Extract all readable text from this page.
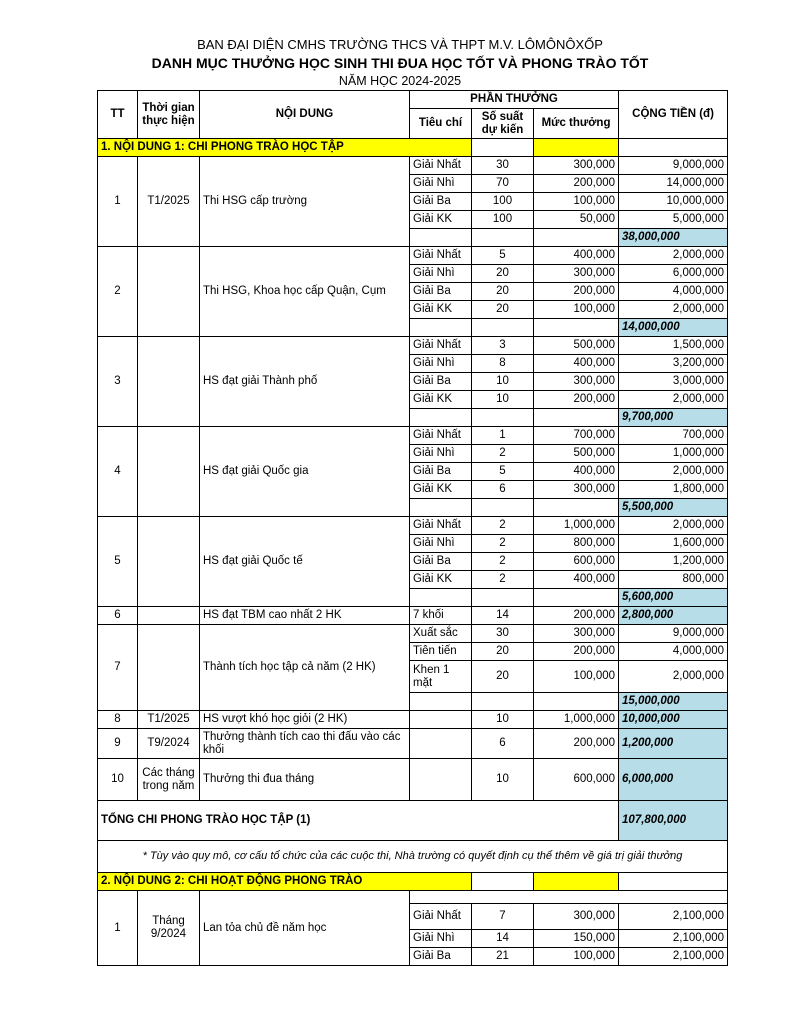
BAN ĐẠI DIỆN CMHS TRƯỜNG THCS VÀ THPT M.V. LÔMÔNÔXỐP
DANH MỤC THƯỞNG HỌC SINH THI ĐUA HỌC TỐT VÀ PHONG TRÀO TỐT
NĂM HỌC 2024-2025
TT	Thời gian thực hiện	NỘI DUNG	PHẦN THƯỞNG			CỘNG TIỀN (đ)
			Tiêu chí	Số suất dự kiến	Mức thưởng	
1. NỘI DUNG 1: CHI PHONG TRÀO HỌC TẬP						
1	T1/2025	Thi HSG cấp trường	Giải Nhất	30	300,000	9,000,000
			Giải Nhì	70	200,000	14,000,000
			Giải Ba	100	100,000	10,000,000
			Giải KK	100	50,000	5,000,000
						38,000,000
2		Thi HSG, Khoa học cấp Quận, Cụm	Giải Nhất	5	400,000	2,000,000
			Giải Nhì	20	300,000	6,000,000
			Giải Ba	20	200,000	4,000,000
			Giải KK	20	100,000	2,000,000
						14,000,000
3		HS đạt giải Thành phố	Giải Nhất	3	500,000	1,500,000
			Giải Nhì	8	400,000	3,200,000
			Giải Ba	10	300,000	3,000,000
			Giải KK	10	200,000	2,000,000
						9,700,000
4		HS đạt giải Quốc gia	Giải Nhất	1	700,000	700,000
			Giải Nhì	2	500,000	1,000,000
			Giải Ba	5	400,000	2,000,000
			Giải KK	6	300,000	1,800,000
						5,500,000
5		HS đạt giải Quốc tế	Giải Nhất	2	1,000,000	2,000,000
			Giải Nhì	2	800,000	1,600,000
			Giải Ba	2	600,000	1,200,000
			Giải KK	2	400,000	800,000
						5,600,000
6		HS đạt TBM cao nhất 2 HK	7 khối	14	200,000	2,800,000
7		Thành tích học tập cả năm (2 HK)	Xuất sắc	30	300,000	9,000,000
			Tiên tiến	20	200,000	4,000,000
			Khen 1 mặt	20	100,000	2,000,000
						15,000,000
8	T1/2025	HS vượt khó học giỏi (2 HK)		10	1,000,000	10,000,000
9	T9/2024	Thưởng thành tích cao thi đấu vào các khối		6	200,000	1,200,000
10	Các tháng trong năm	Thưởng thi đua tháng		10	600,000	6,000,000
TỔNG CHI PHONG TRÀO HỌC TẬP (1)						107,800,000
* Tùy vào quy mô, cơ cấu tổ chức của các cuộc thi, Nhà trường có quyết định cụ thể thêm về giá trị giải thưởng						
2. NỘI DUNG 2: CHI HOẠT ĐỘNG PHONG TRÀO						
1	Tháng 9/2024	Lan tỏa chủ đề năm học				
			Giải Nhất	7	300,000	2,100,000
			Giải Nhì	14	150,000	2,100,000
			Giải Ba	21	100,000	2,100,000
